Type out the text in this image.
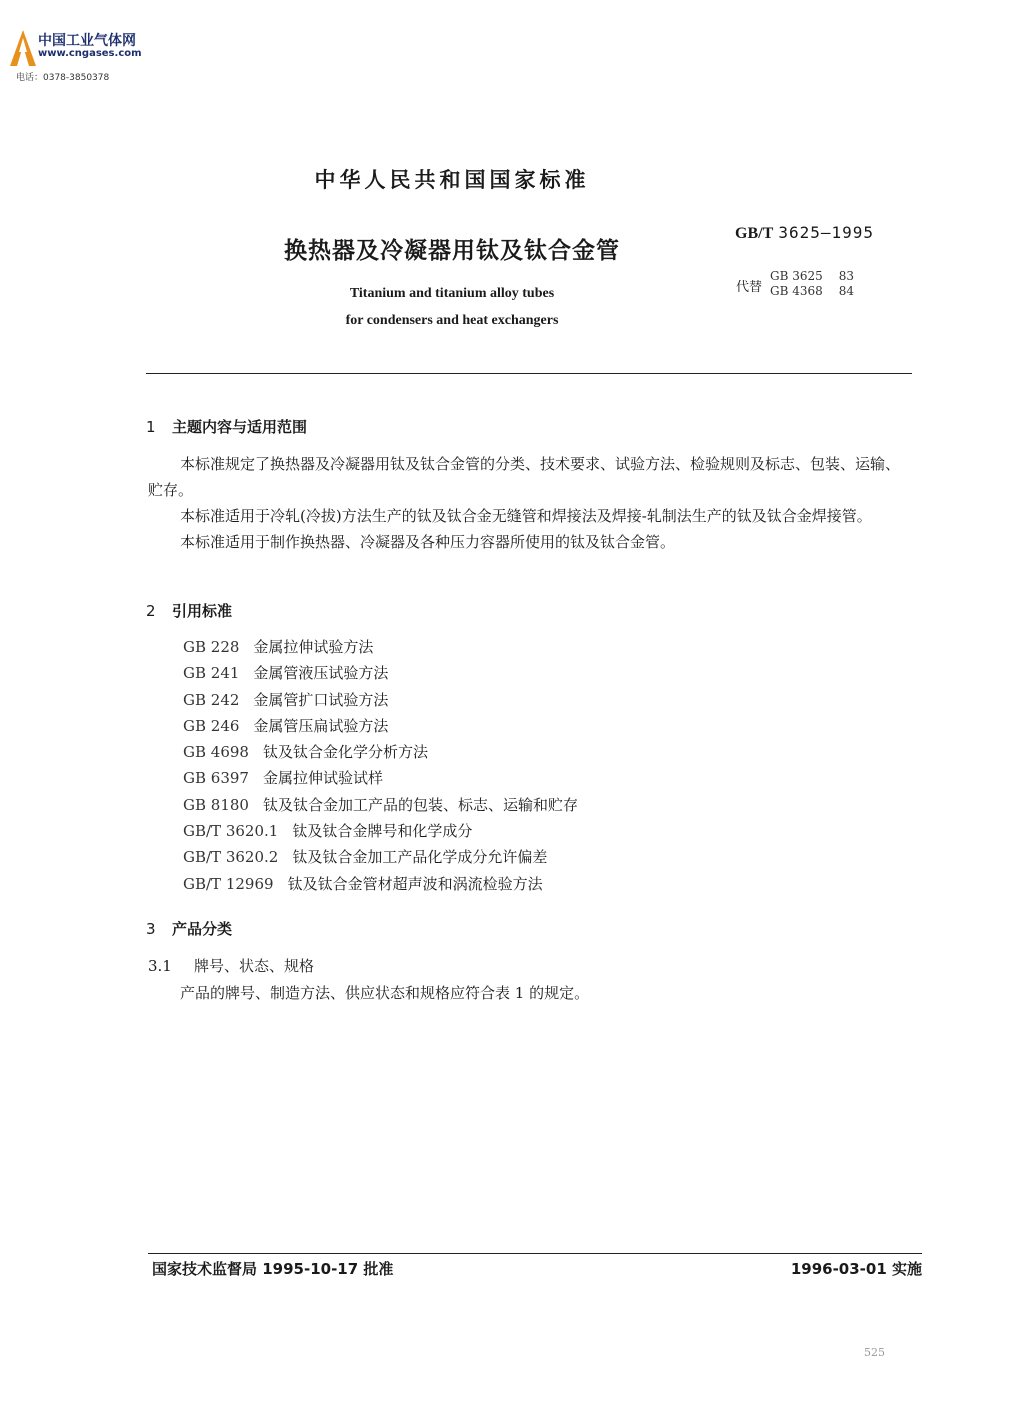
中国工业气体网
www.cngases.com
电话：0378-3850378
中华人民共和国国家标准
换热器及冷凝器用钛及钛合金管
Titanium and titanium alloy tubes
for condensers and heat exchangers
GB/T 3625—1995
代替
GB 3625 83
GB 4368 84
1 主题内容与适用范围

本标准规定了换热器及冷凝器用钛及钛合金管的分类、技术要求、试验方法、检验规则及标志、包装、运输、贮存。

本标准适用于冷轧(冷拔)方法生产的钛及钛合金无缝管和焊接法及焊接-轧制法生产的钛及钛合金焊接管。

本标准适用于制作换热器、冷凝器及各种压力容器所使用的钛及钛合金管。

2 引用标准
GB 228 金属拉伸试验方法
GB 241 金属管液压试验方法
GB 242 金属管扩口试验方法
GB 246 金属管压扁试验方法
GB 4698 钛及钛合金化学分析方法
GB 6397 金属拉伸试验试样
GB 8180 钛及钛合金加工产品的包装、标志、运输和贮存
GB/T 3620.1 钛及钛合金牌号和化学成分
GB/T 3620.2 钛及钛合金加工产品化学成分允许偏差
GB/T 12969 钛及钛合金管材超声波和涡流检验方法
3 产品分类
3.1 牌号、状态、规格
产品的牌号、制造方法、供应状态和规格应符合表 1 的规定。
国家技术监督局 1995-10-17 批准	1996-03-01 实施
525
